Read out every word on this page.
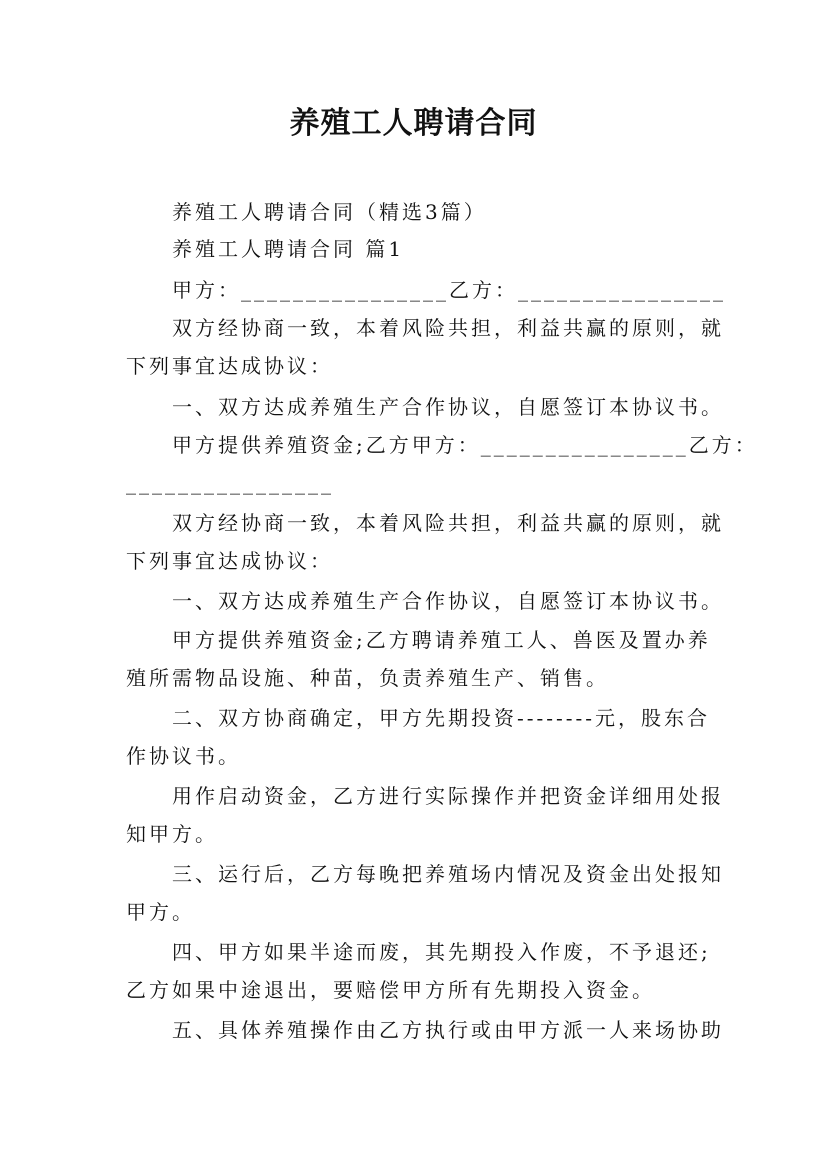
养殖工人聘请合同
养殖工人聘请合同（精选3篇）
养殖工人聘请合同 篇1
甲方：________________乙方：________________
双方经协商一致，本着风险共担，利益共赢的原则，就
下列事宜达成协议：
一、双方达成养殖生产合作协议，自愿签订本协议书。
甲方提供养殖资金;乙方甲方：________________乙方：
________________
双方经协商一致，本着风险共担，利益共赢的原则，就
下列事宜达成协议：
一、双方达成养殖生产合作协议，自愿签订本协议书。
甲方提供养殖资金;乙方聘请养殖工人、兽医及置办养
殖所需物品设施、种苗，负责养殖生产、销售。
二、双方协商确定，甲方先期投资--------元，股东合
作协议书。
用作启动资金，乙方进行实际操作并把资金详细用处报
知甲方。
三、运行后，乙方每晚把养殖场内情况及资金出处报知
甲方。
四、甲方如果半途而废，其先期投入作废，不予退还;
乙方如果中途退出，要赔偿甲方所有先期投入资金。
五、具体养殖操作由乙方执行或由甲方派一人来场协助
